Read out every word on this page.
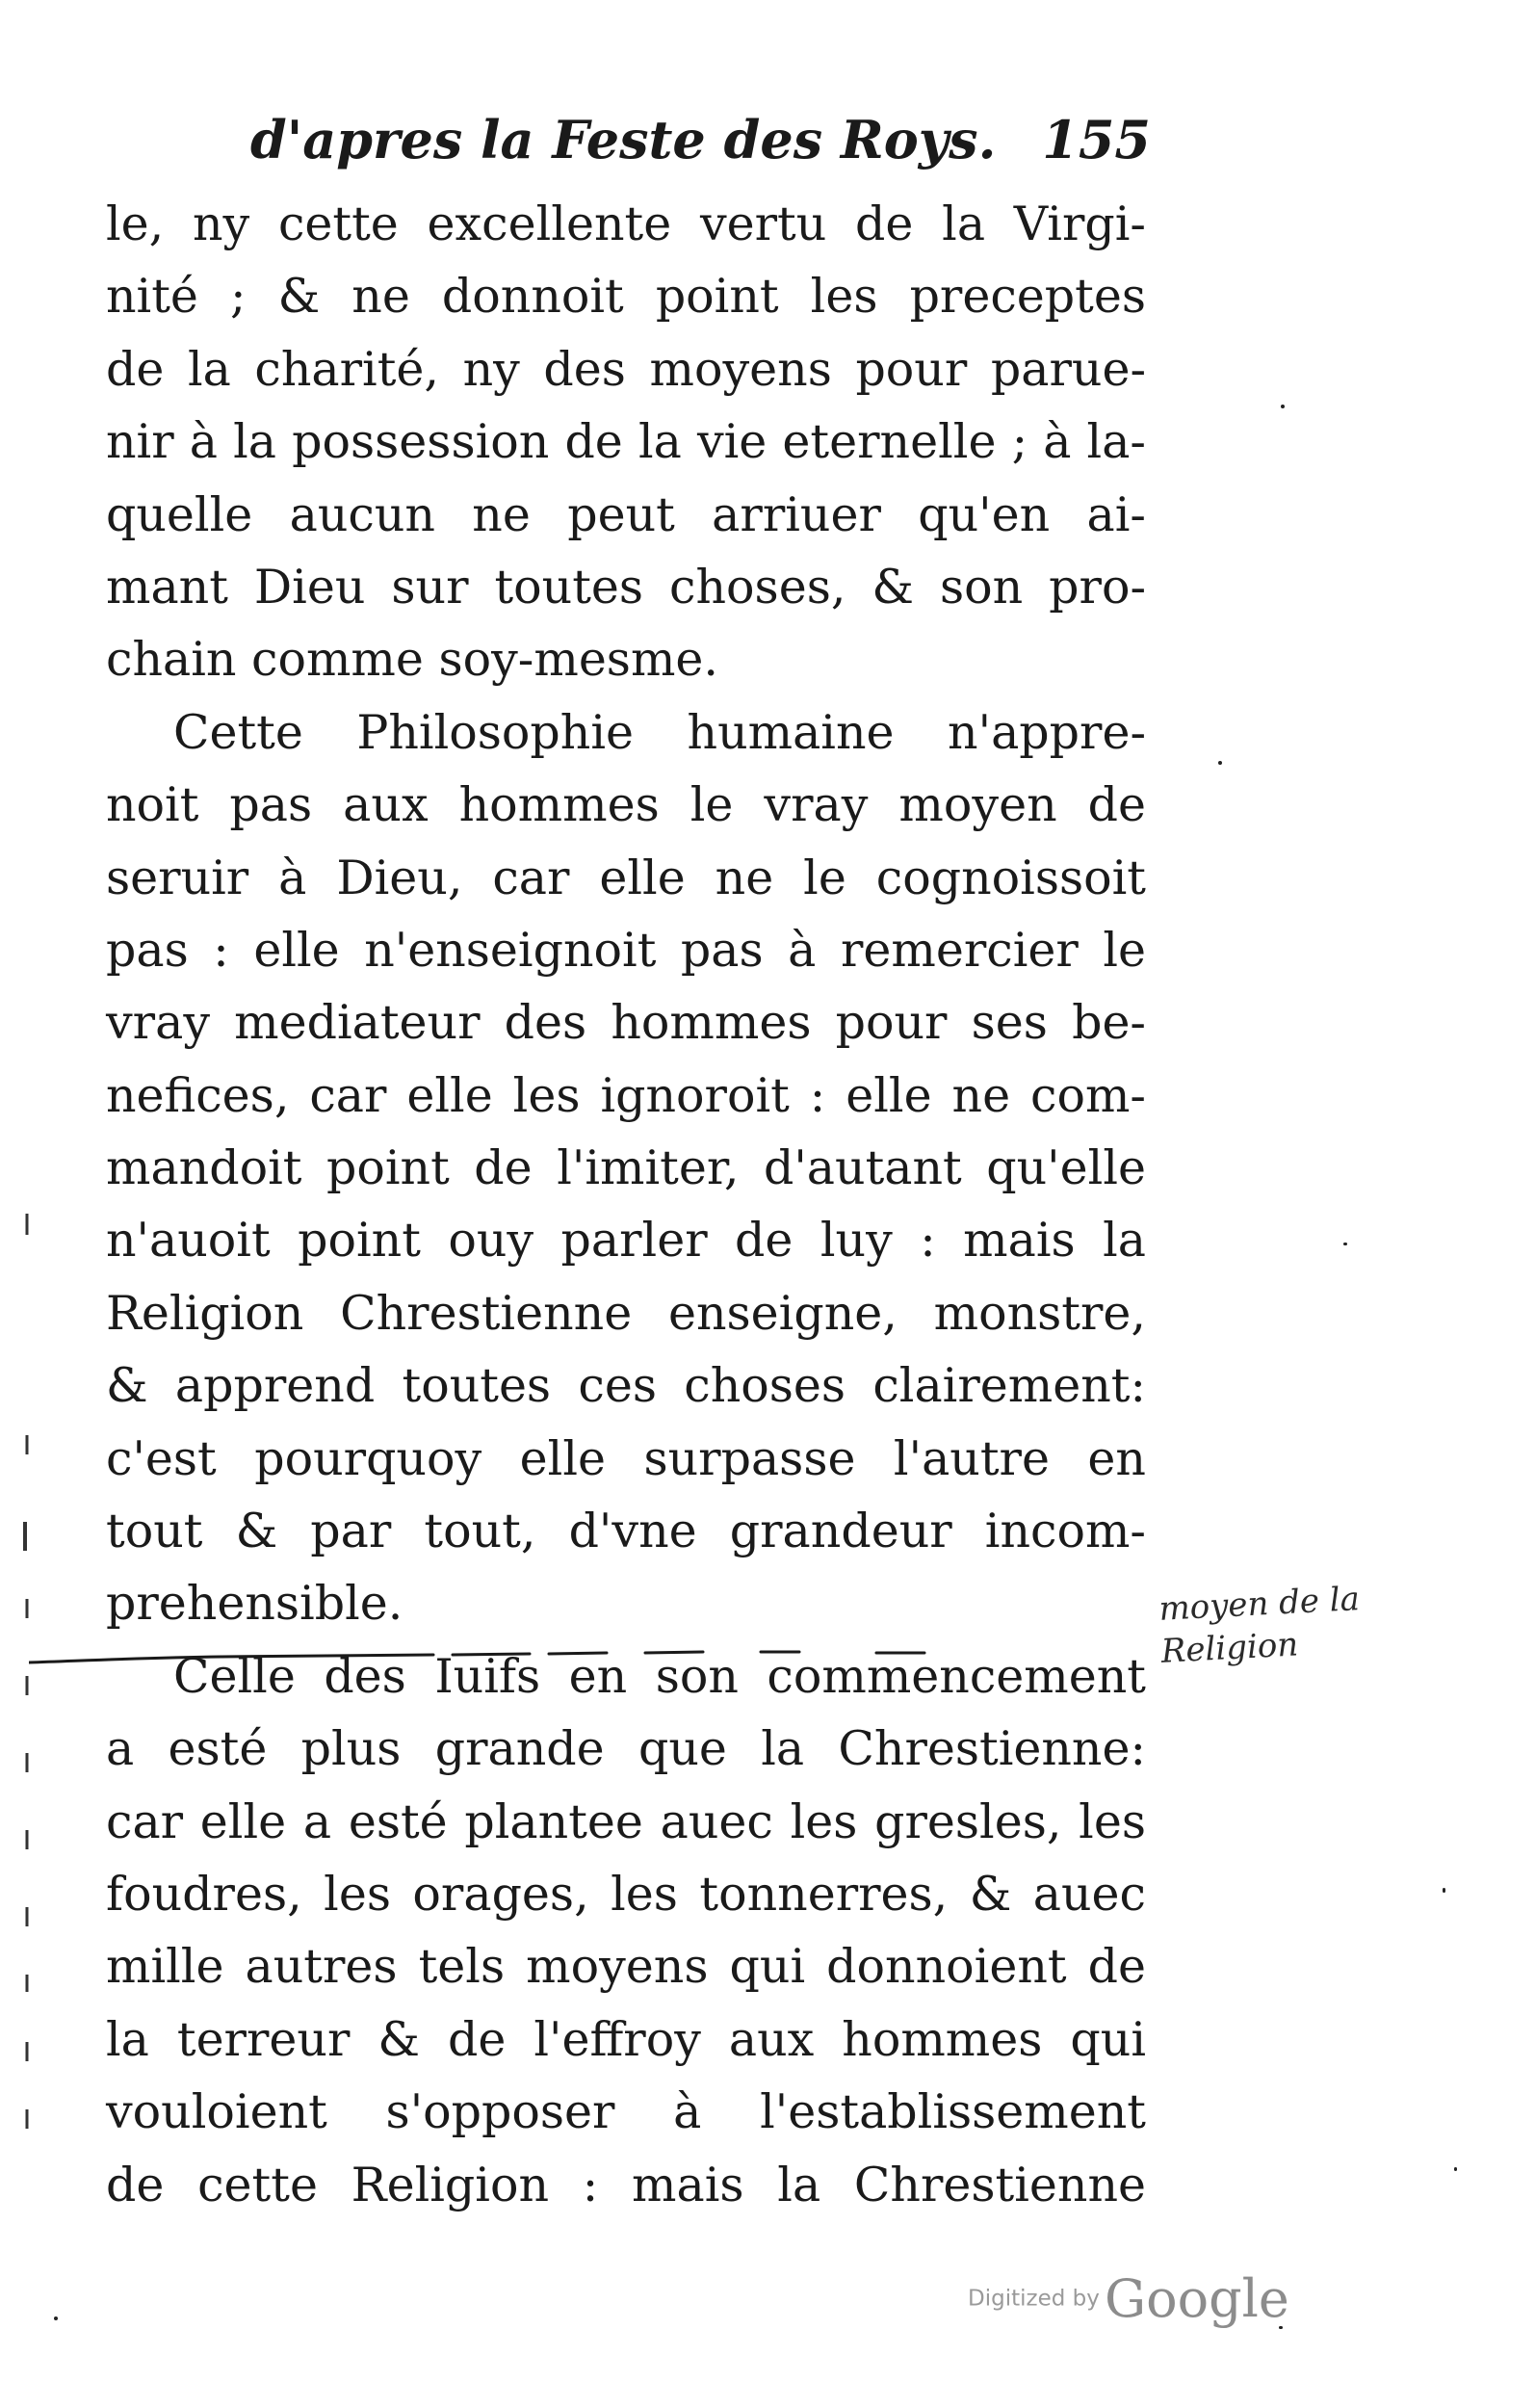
d'apres la Feste des Roys. 155
le, ny cette excellente vertu de la Virgi-
nité ; & ne donnoit point les preceptes
de la charité, ny des moyens pour parue-
nir à la possession de la vie eternelle ; à la-
quelle aucun ne peut arriuer qu'en ai-
mant Dieu sur toutes choses, & son pro-
chain comme soy-mesme.
Cette Philosophie humaine n'appre-
noit pas aux hommes le vray moyen de
seruir à Dieu, car elle ne le cognoissoit
pas : elle n'enseignoit pas à remercier le
vray mediateur des hommes pour ses be-
nefices, car elle les ignoroit : elle ne com-
mandoit point de l'imiter, d'autant qu'elle
n'auoit point ouy parler de luy : mais la
Religion Chrestienne enseigne, monstre,
& apprend toutes ces choses clairement:
c'est pourquoy elle surpasse l'autre en
tout & par tout, d'vne grandeur incom-
prehensible.
Celle des Iuifs en son commencement
a esté plus grande que la Chrestienne:
car elle a esté plantee auec les gresles, les
foudres, les orages, les tonnerres, & auec
mille autres tels moyens qui donnoient de
la terreur & de l'effroy aux hommes qui
vouloient s'opposer à l'establissement
de cette Religion : mais la Chrestienne
moyen de la
Religion
Digitized by Google
